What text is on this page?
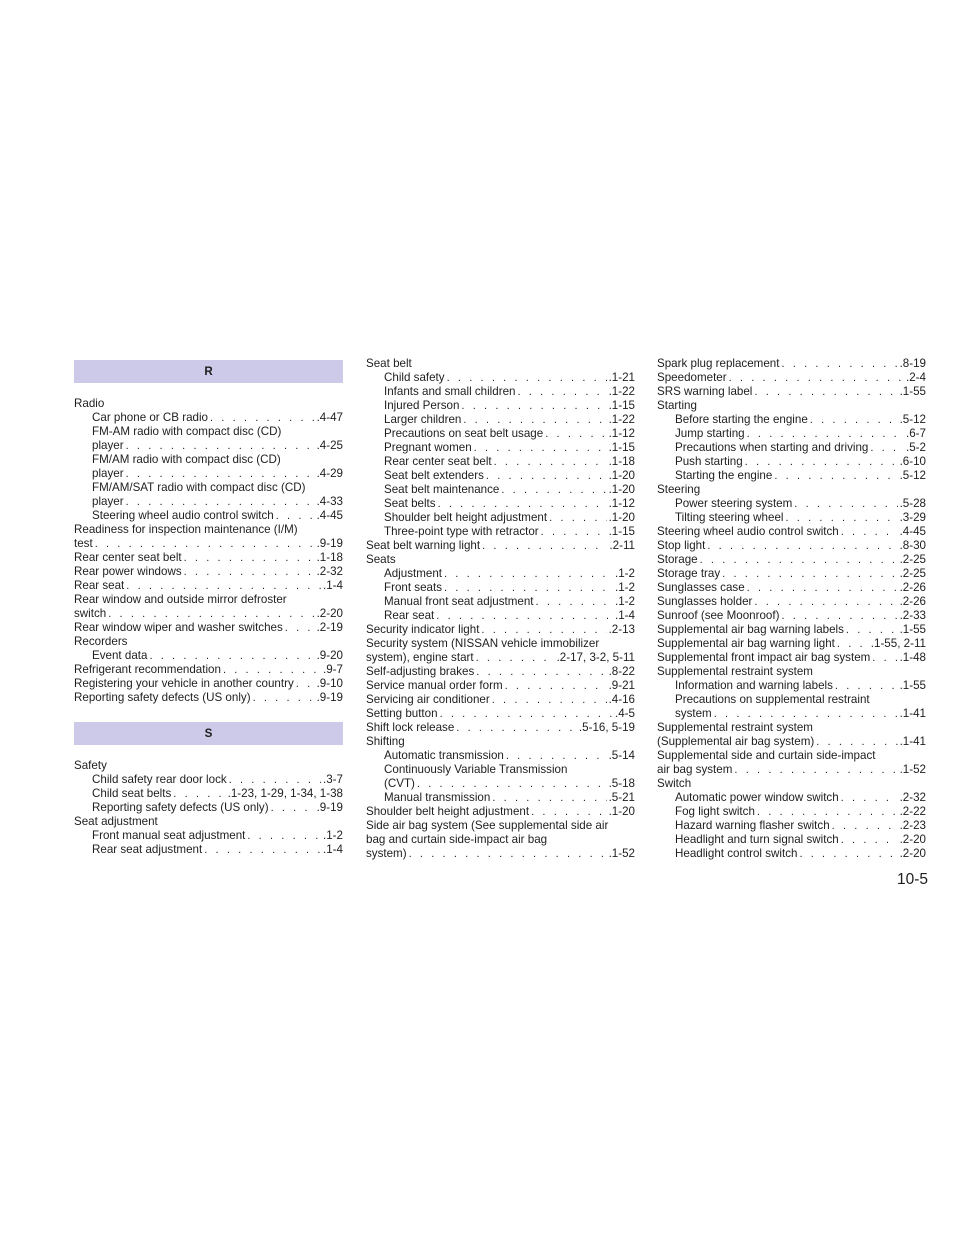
R
Radio
Car phone or CB radio . . .	.4-47
FM-AM radio with compact disc (CD)
player . . .	.4-25
FM/AM radio with compact disc (CD)
player . . .	.4-29
FM/AM/SAT radio with compact disc (CD)
player . . .	.4-33
Steering wheel audio control switch . . .	.4-45
Readiness for inspection maintenance (I/M)
test . . .	.9-19
Rear center seat belt . . .	.1-18
Rear power windows . . .	.2-32
Rear seat . . .	.1-4
Rear window and outside mirror defroster
switch . . .	.2-20
Rear window wiper and washer switches . . .	.2-19
Recorders
Event data . . .	.9-20
Refrigerant recommendation . . .	.9-7
Registering your vehicle in another country . . . .9-10
Reporting safety defects (US only) . . .	.9-19
S
Safety
Child safety rear door lock . . .	.3-7
Child seat belts . . .	.1-23, 1-29, 1-34, 1-38
Reporting safety defects (US only) . . .	.9-19
Seat adjustment
Front manual seat adjustment . . .	.1-2
Rear seat adjustment . . .	.1-4
Seat belt
Child safety . . .	.1-21
Infants and small children . . .	.1-22
Injured Person . . .	.1-15
Larger children . . .	.1-22
Precautions on seat belt usage . . .	.1-12
Pregnant women . . .	.1-15
Rear center seat belt . . .	.1-18
Seat belt extenders . . .	.1-20
Seat belt maintenance . . .	.1-20
Seat belts . . .	.1-12
Shoulder belt height adjustment . . .	.1-20
Three-point type with retractor . . .	.1-15
Seat belt warning light . . .	.2-11
Seats
Adjustment . . .	.1-2
Front seats . . .	.1-2
Manual front seat adjustment . . .	.1-2
Rear seat . . .	.1-4
Security indicator light . . .	.2-13
Security system (NISSAN vehicle immobilizer
system), engine start . . .	.2-17, 3-2, 5-11
Self-adjusting brakes . . .	.8-22
Service manual order form . . .	.9-21
Servicing air conditioner . . .	.4-16
Setting button . . .	.4-5
Shift lock release . . .	.5-16, 5-19
Shifting
Automatic transmission . . .	.5-14
Continuously Variable Transmission
(CVT) . . .	.5-18
Manual transmission . . .	.5-21
Shoulder belt height adjustment . . .	.1-20
Side air bag system (See supplemental side air
bag and curtain side-impact air bag
system) . . .	.1-52
Spark plug replacement . . .	.8-19
Speedometer . . .	.2-4
SRS warning label . . .	.1-55
Starting
Before starting the engine . . .	.5-12
Jump starting . . .	.6-7
Precautions when starting and driving . . .	.5-2
Push starting . . .	.6-10
Starting the engine . . .	.5-12
Steering
Power steering system . . .	.5-28
Tilting steering wheel . . .	.3-29
Steering wheel audio control switch . . .	.4-45
Stop light . . .	.8-30
Storage . . .	.2-25
Storage tray . . .	.2-25
Sunglasses case . . .	.2-26
Sunglasses holder . . .	.2-26
Sunroof (see Moonroof) . . .	.2-33
Supplemental air bag warning labels . . .	.1-55
Supplemental air bag warning light . . .	.1-55, 2-11
Supplemental front impact air bag system . . .	.1-48
Supplemental restraint system
Information and warning labels . . .	.1-55
Precautions on supplemental restraint
system . . .	.1-41
Supplemental restraint system
(Supplemental air bag system) . . .	.1-41
Supplemental side and curtain side-impact
air bag system . . .	.1-52
Switch
Automatic power window switch . . .	.2-32
Fog light switch . . .	.2-22
Hazard warning flasher switch . . .	.2-23
Headlight and turn signal switch . . .	.2-20
Headlight control switch . . .	.2-20
10-5
